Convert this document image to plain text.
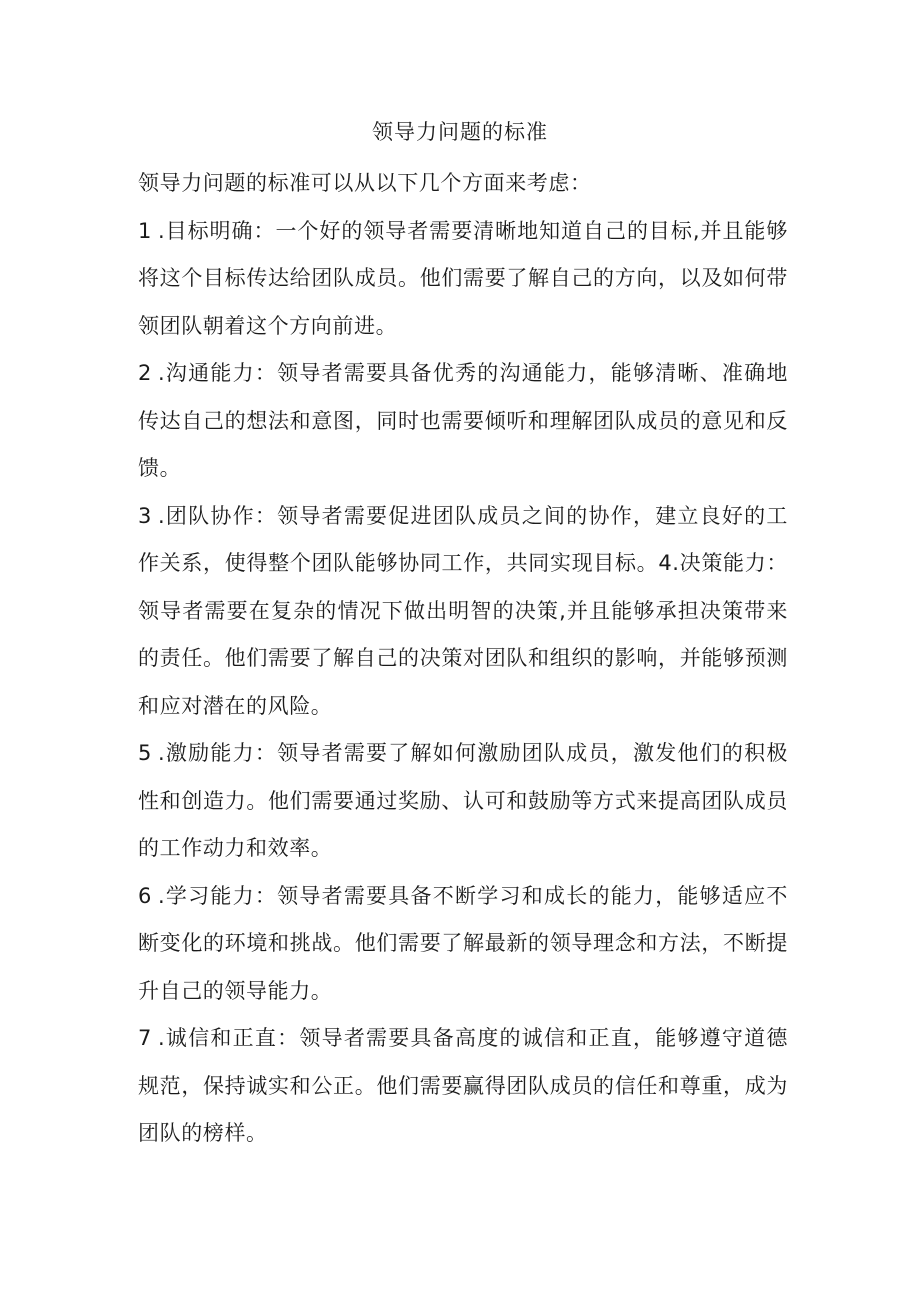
领导力问题的标准

领导力问题的标准可以从以下几个方面来考虑：

1 .目标明确：一个好的领导者需要清晰地知道自己的目标,并且能够将这个目标传达给团队成员。他们需要了解自己的方向，以及如何带领团队朝着这个方向前进。

2 .沟通能力：领导者需要具备优秀的沟通能力，能够清晰、准确地传达自己的想法和意图，同时也需要倾听和理解团队成员的意见和反馈。

3 .团队协作：领导者需要促进团队成员之间的协作，建立良好的工作关系，使得整个团队能够协同工作，共同实现目标。4.决策能力：领导者需要在复杂的情况下做出明智的决策,并且能够承担决策带来的责任。他们需要了解自己的决策对团队和组织的影响，并能够预测和应对潜在的风险。

5 .激励能力：领导者需要了解如何激励团队成员，激发他们的积极性和创造力。他们需要通过奖励、认可和鼓励等方式来提高团队成员的工作动力和效率。

6 .学习能力：领导者需要具备不断学习和成长的能力，能够适应不断变化的环境和挑战。他们需要了解最新的领导理念和方法，不断提升自己的领导能力。

7 .诚信和正直：领导者需要具备高度的诚信和正直，能够遵守道德规范，保持诚实和公正。他们需要赢得团队成员的信任和尊重，成为团队的榜样。
